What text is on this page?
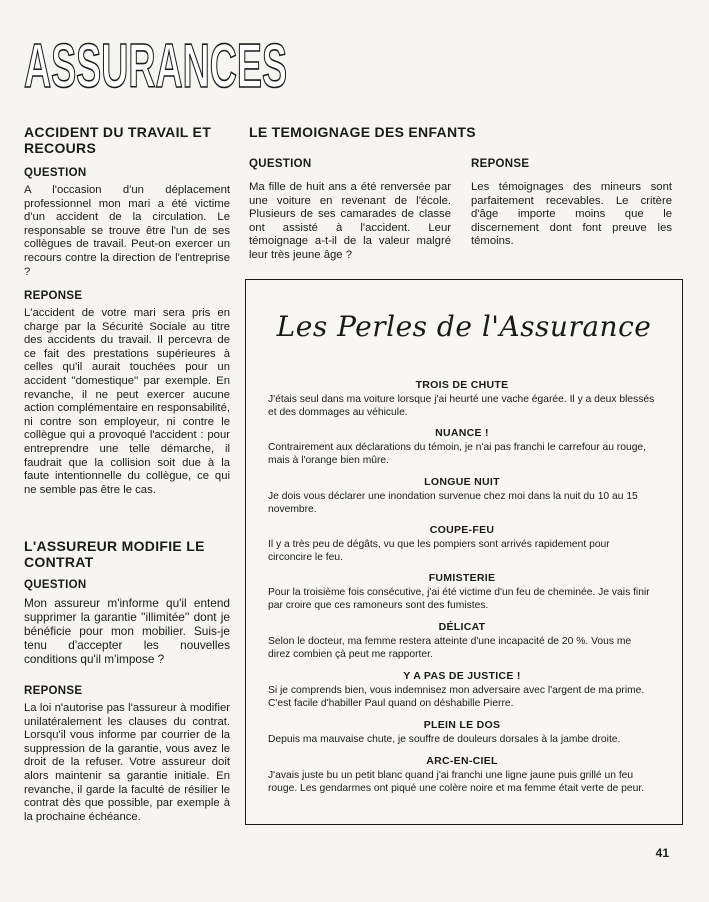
ASSURANCES
ACCIDENT DU TRAVAIL ET RECOURS
QUESTION

A l'occasion d'un déplacement professionnel mon mari a été victime d'un accident de la circulation. Le responsable se trouve être l'un de ses collègues de travail. Peut-on exercer un recours contre la direction de l'entreprise ?

REPONSE

L'accident de votre mari sera pris en charge par la Sécurité Sociale au titre des accidents du travail. Il percevra de ce fait des prestations supérieures à celles qu'il aurait touchées pour un accident ''domestique'' par exemple. En revanche, il ne peut exercer aucune action complémentaire en responsabilité, ni contre son employeur, ni contre le collègue qui a provoqué l'accident : pour entreprendre une telle démarche, il faudrait que la collision soit due à la faute intentionnelle du collègue, ce qui ne semble pas être le cas.

L'ASSUREUR MODIFIE LE CONTRAT
QUESTION

Mon assureur m'informe qu'il entend supprimer la garantie ''illimitée'' dont je bénéficie pour mon mobilier. Suis-je tenu d'accepter les nouvelles conditions qu'il m'impose ?

REPONSE

La loi n'autorise pas l'assureur à modifier unilatéralement les clauses du contrat. Lorsqu'il vous informe par courrier de la suppression de la garantie, vous avez le droit de la refuser. Votre assureur doit alors maintenir sa garantie initiale. En revanche, il garde la faculté de résilier le contrat dès que possible, par exemple à la prochaine échéance.

LE TEMOIGNAGE DES ENFANTS
QUESTION

Ma fille de huit ans a été renversée par une voiture en revenant de l'école. Plusieurs de ses camarades de classe ont assisté à l'accident. Leur témoignage a-t-il de la valeur malgré leur très jeune âge ?

REPONSE

Les témoignages des mineurs sont parfaitement recevables. Le critère d'âge importe moins que le discernement dont font preuve les témoins.

Les Perles de l'Assurance

TROIS DE CHUTE

J'étais seul dans ma voiture lorsque j'ai heurté une vache égarée. Il y a deux blessés et des dommages au véhicule.

NUANCE !

Contrairement aux déclarations du témoin, je n'ai pas franchi le carrefour au rouge, mais à l'orange bien mûre.

LONGUE NUIT

Je dois vous déclarer une inondation survenue chez moi dans la nuit du 10 au 15 novembre.

COUPE-FEU

Il y a très peu de dégâts, vu que les pompiers sont arrivés rapidement pour circoncire le feu.

FUMISTERIE

Pour la troisième fois consécutive, j'ai été victime d'un feu de cheminée. Je vais finir par croire que ces ramoneurs sont des fumistes.

DÉLICAT

Selon le docteur, ma femme restera atteinte d'une incapacité de 20 %. Vous me direz combien çà peut me rapporter.

Y A PAS DE JUSTICE !

Si je comprends bien, vous indemnisez mon adversaire avec l'argent de ma prime. C'est facile d'habiller Paul quand on déshabille Pierre.

PLEIN LE DOS

Depuis ma mauvaise chute, je souffre de douleurs dorsales à la jambe droite.

ARC-EN-CIEL

J'avais juste bu un petit blanc quand j'ai franchi une ligne jaune puis grillé un feu rouge. Les gendarmes ont piqué une colère noire et ma femme était verte de peur.

41
